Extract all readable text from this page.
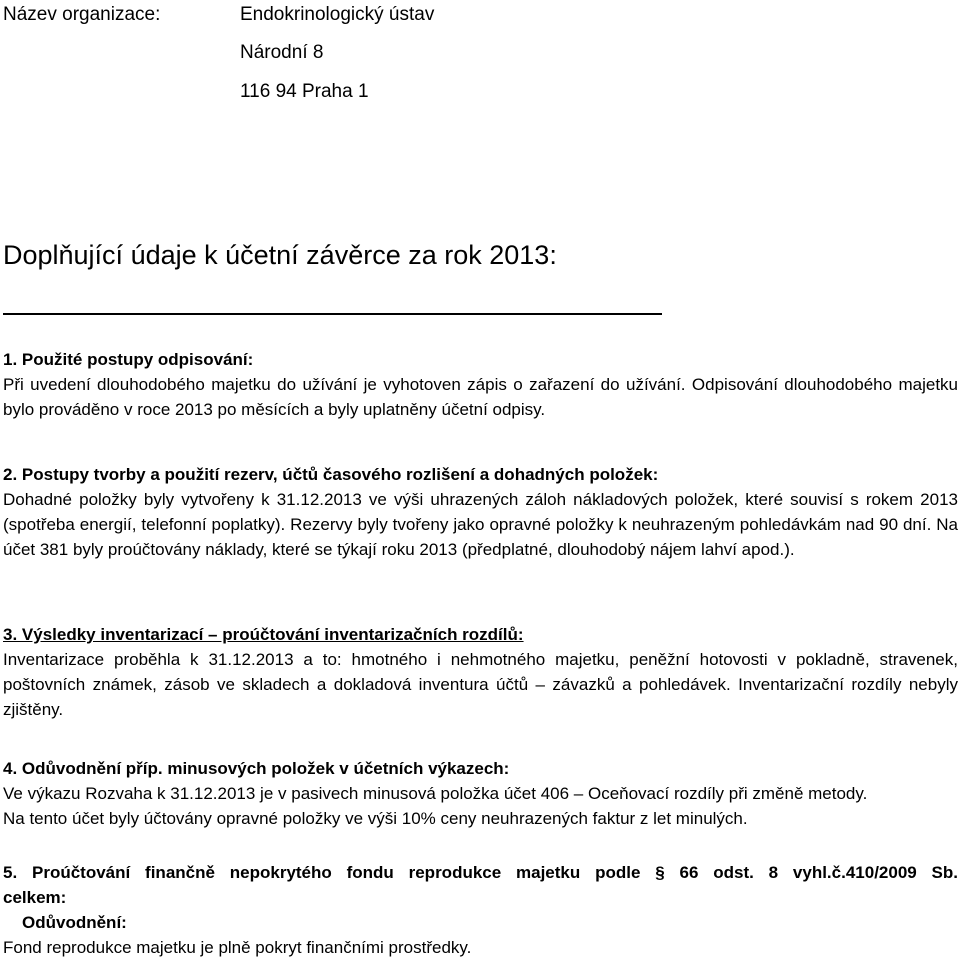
Název organizace:	Endokrinologický ústav
Národní 8
116 94 Praha 1
Doplňující údaje k účetní závěrce za rok 2013:
1. Použité postupy odpisování:
Při uvedení dlouhodobého majetku do užívání je vyhotoven zápis o zařazení do užívání. Odpisování dlouhodobého majetku bylo prováděno v roce 2013 po měsících a byly uplatněny účetní odpisy.
2. Postupy tvorby a použití rezerv, účtů časového rozlišení a dohadných položek:
Dohadné položky byly vytvořeny k 31.12.2013 ve výši uhrazených záloh nákladových položek, které souvisí s rokem 2013 (spotřeba energií, telefonní poplatky). Rezervy byly tvořeny jako opravné položky k neuhrazeným pohledávkám nad 90 dní. Na účet 381 byly proúčtovány náklady, které se týkají roku 2013 (předplatné, dlouhodobý nájem lahví apod.).
3. Výsledky inventarizací – proúčtování inventarizačních rozdílů:
Inventarizace proběhla k 31.12.2013 a to: hmotného i nehmotného majetku, peněžní hotovosti v pokladně, stravenek, poštovních známek, zásob ve skladech a dokladová inventura účtů – závazků a pohledávek. Inventarizační rozdíly nebyly zjištěny.
4. Odůvodnění příp. minusových položek v účetních výkazech:
Ve výkazu Rozvaha k 31.12.2013 je v pasivech minusová položka účet 406 – Oceňovací rozdíly při změně metody.
Na tento účet byly účtovány opravné položky ve výši 10% ceny neuhrazených faktur z let minulých.
5. Proúčtování finančně nepokrytého fondu reprodukce majetku podle § 66 odst. 8 vyhl.č.410/2009 Sb.
celkem:
Odůvodnění:
Fond reprodukce majetku je plně pokryt finančními prostředky.
